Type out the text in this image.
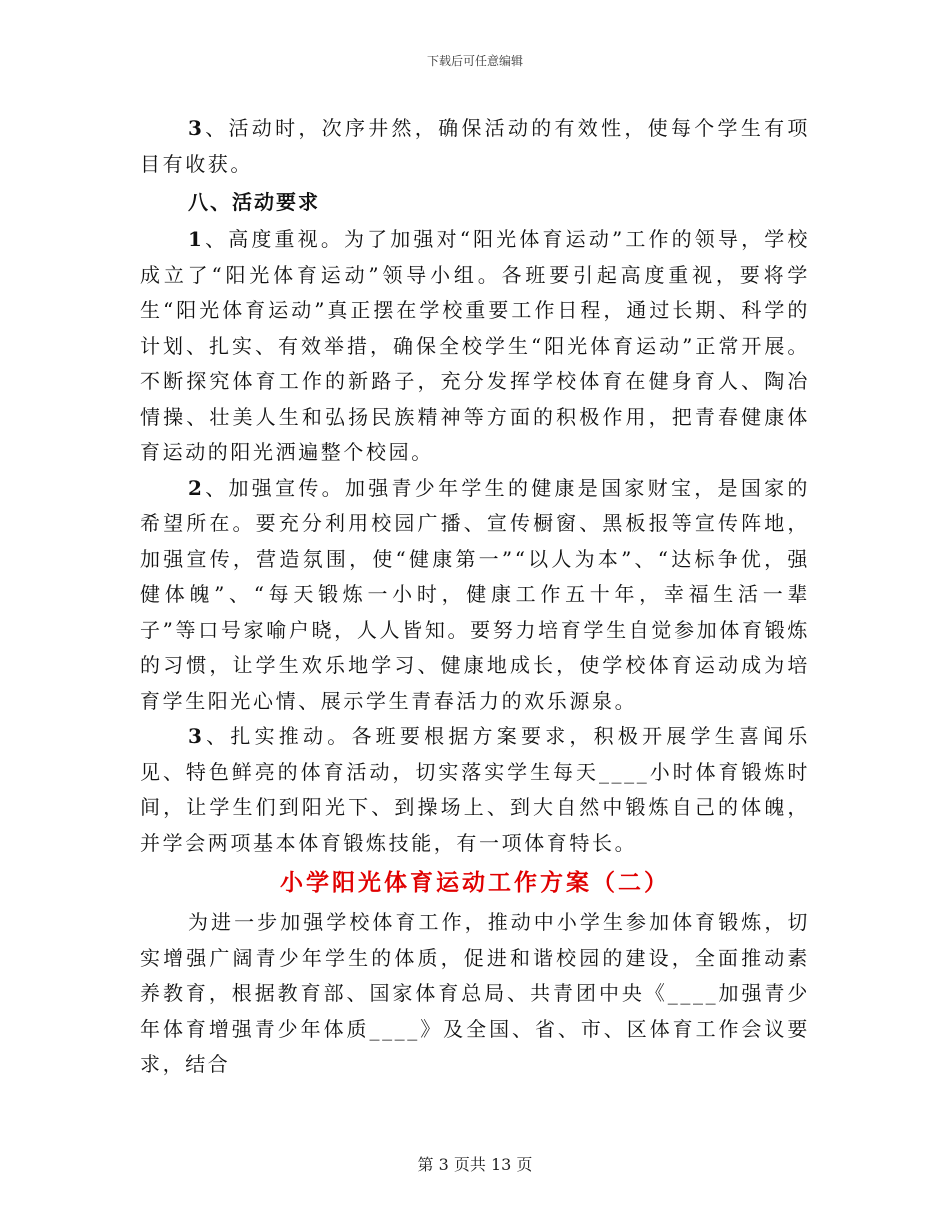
下载后可任意编辑

3、活动时，次序井然，确保活动的有效性，使每个学生有项目有收获。

八、活动要求

1、高度重视。为了加强对“阳光体育运动”工作的领导，学校成立了“阳光体育运动”领导小组。各班要引起高度重视，要将学生“阳光体育运动”真正摆在学校重要工作日程，通过长期、科学的计划、扎实、有效举措，确保全校学生“阳光体育运动”正常开展。不断探究体育工作的新路子，充分发挥学校体育在健身育人、陶冶情操、壮美人生和弘扬民族精神等方面的积极作用，把青春健康体育运动的阳光洒遍整个校园。

2、加强宣传。加强青少年学生的健康是国家财宝，是国家的希望所在。要充分利用校园广播、宣传橱窗、黑板报等宣传阵地，加强宣传，营造氛围，使“健康第一”“以人为本”、“达标争优，强健体魄”、“每天锻炼一小时，健康工作五十年，幸福生活一辈子”等口号家喻户晓，人人皆知。要努力培育学生自觉参加体育锻炼的习惯，让学生欢乐地学习、健康地成长，使学校体育运动成为培育学生阳光心情、展示学生青春活力的欢乐源泉。

3、扎实推动。各班要根据方案要求，积极开展学生喜闻乐见、特色鲜亮的体育活动，切实落实学生每天____小时体育锻炼时间，让学生们到阳光下、到操场上、到大自然中锻炼自己的体魄，并学会两项基本体育锻炼技能，有一项体育特长。

小学阳光体育运动工作方案（二）

为进一步加强学校体育工作，推动中小学生参加体育锻炼，切实增强广阔青少年学生的体质，促进和谐校园的建设，全面推动素养教育，根据教育部、国家体育总局、共青团中央《____加强青少年体育增强青少年体质____》及全国、省、市、区体育工作会议要求，结合

第 3 页共 13 页
